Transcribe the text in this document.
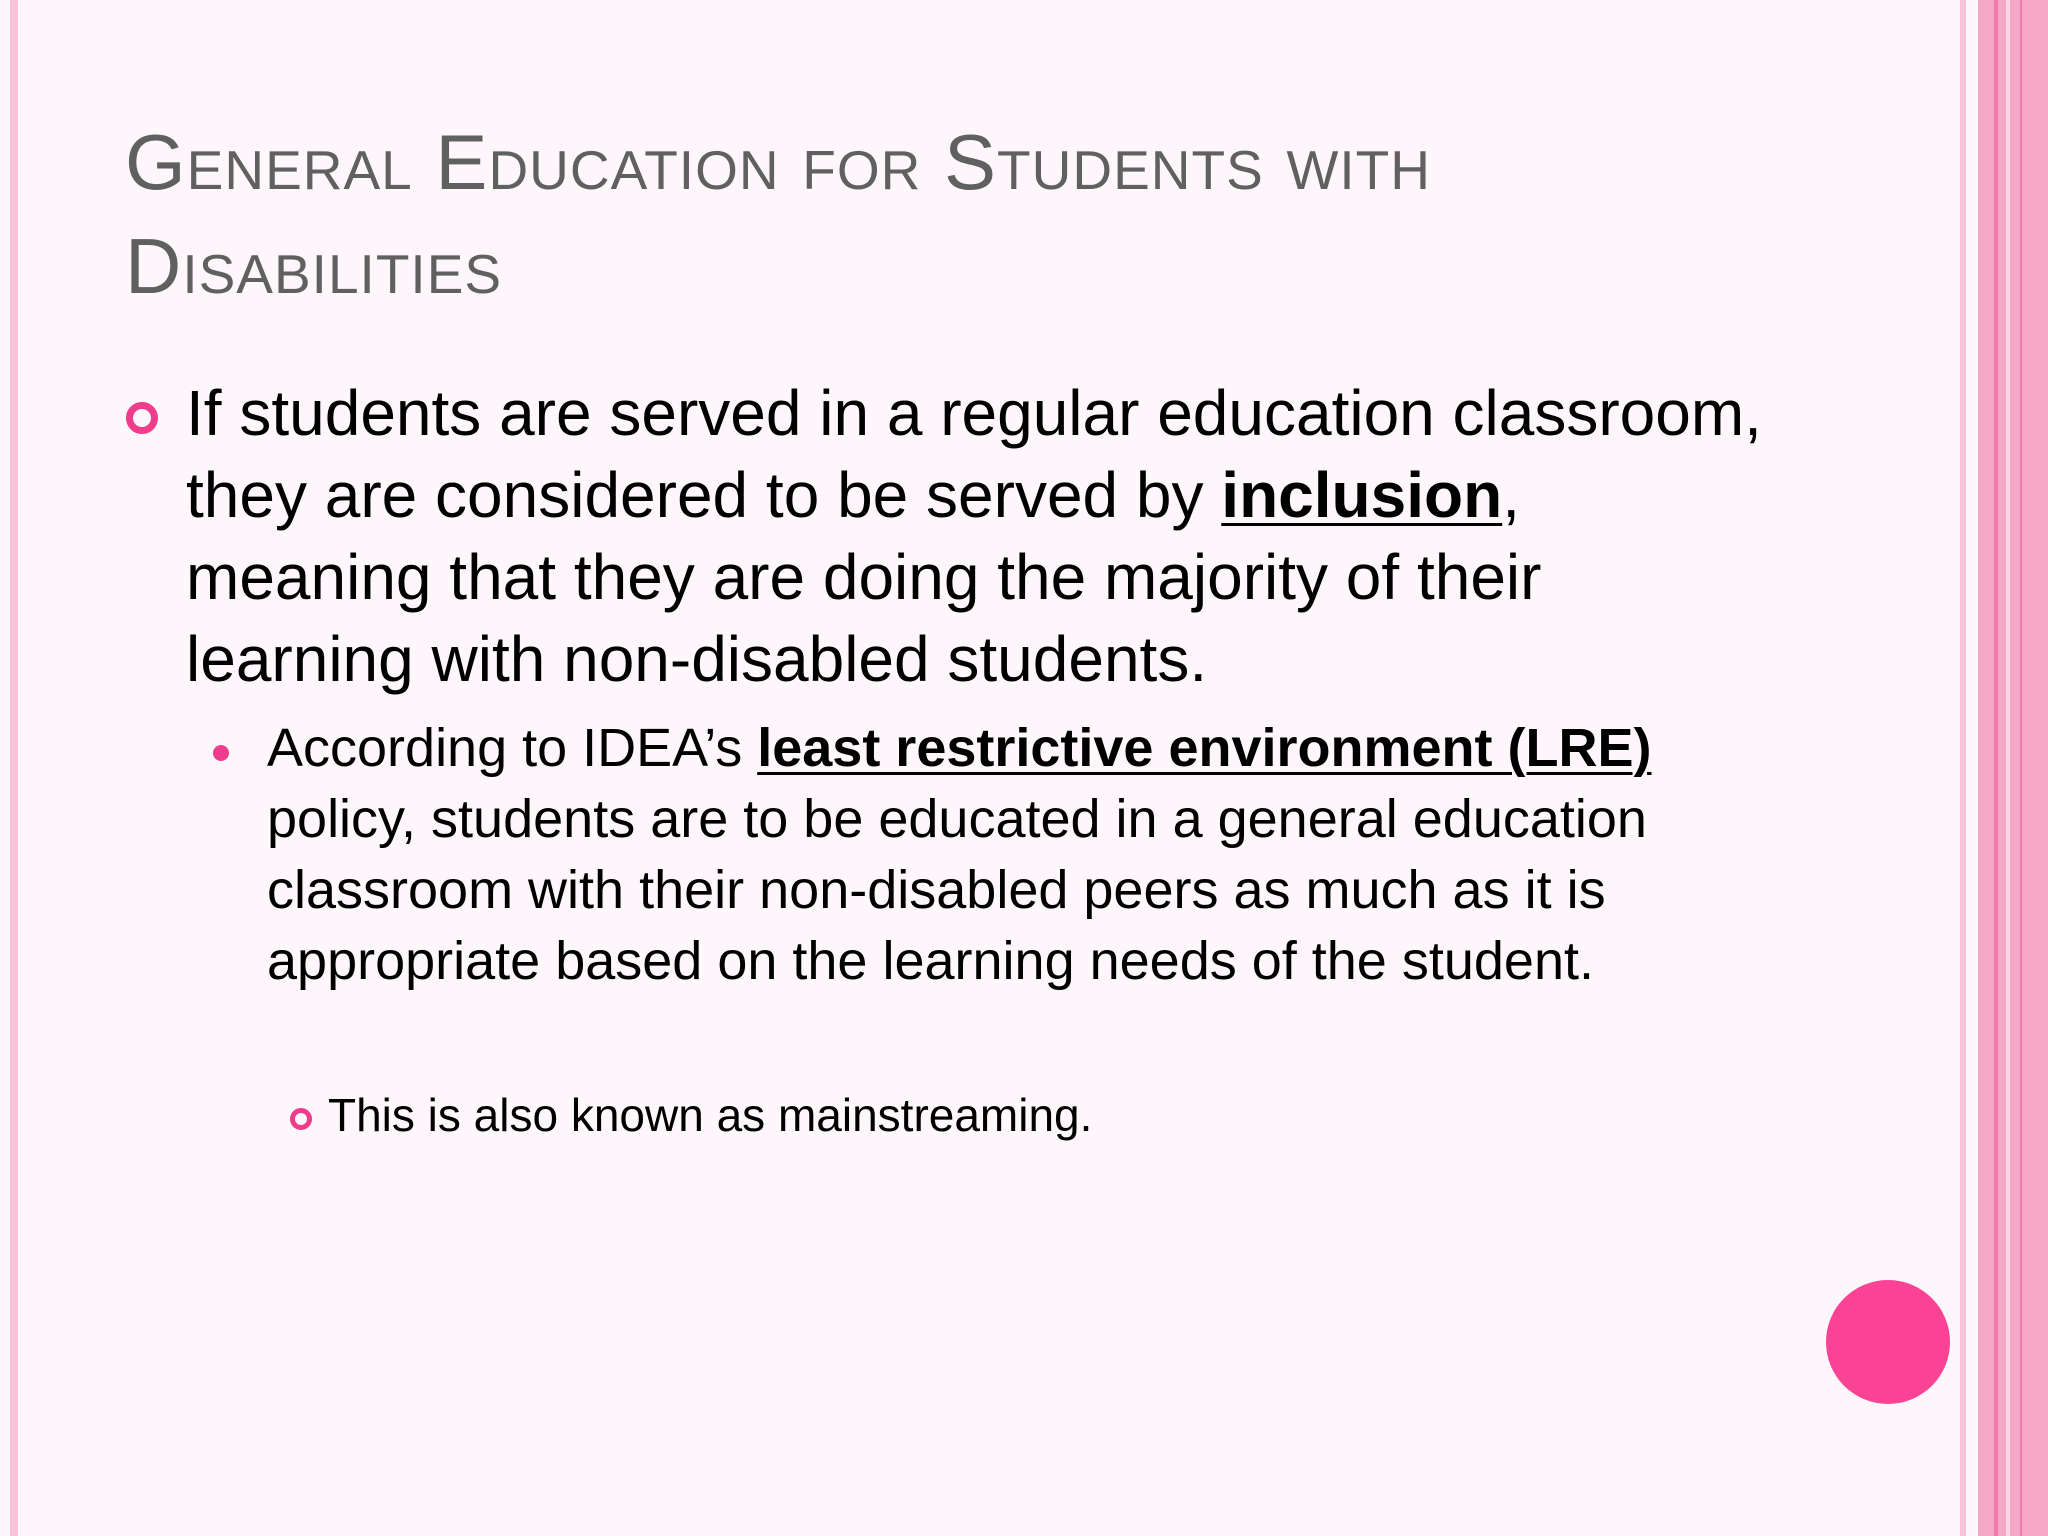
General Education for Students with
Disabilities
If students are served in a regular education classroom, they are considered to be served by inclusion, meaning that they are doing the majority of their learning with non-disabled students.
According to IDEA’s least restrictive environment (LRE) policy, students are to be educated in a general education classroom with their non-disabled peers as much as it is appropriate based on the learning needs of the student.
This is also known as mainstreaming.
